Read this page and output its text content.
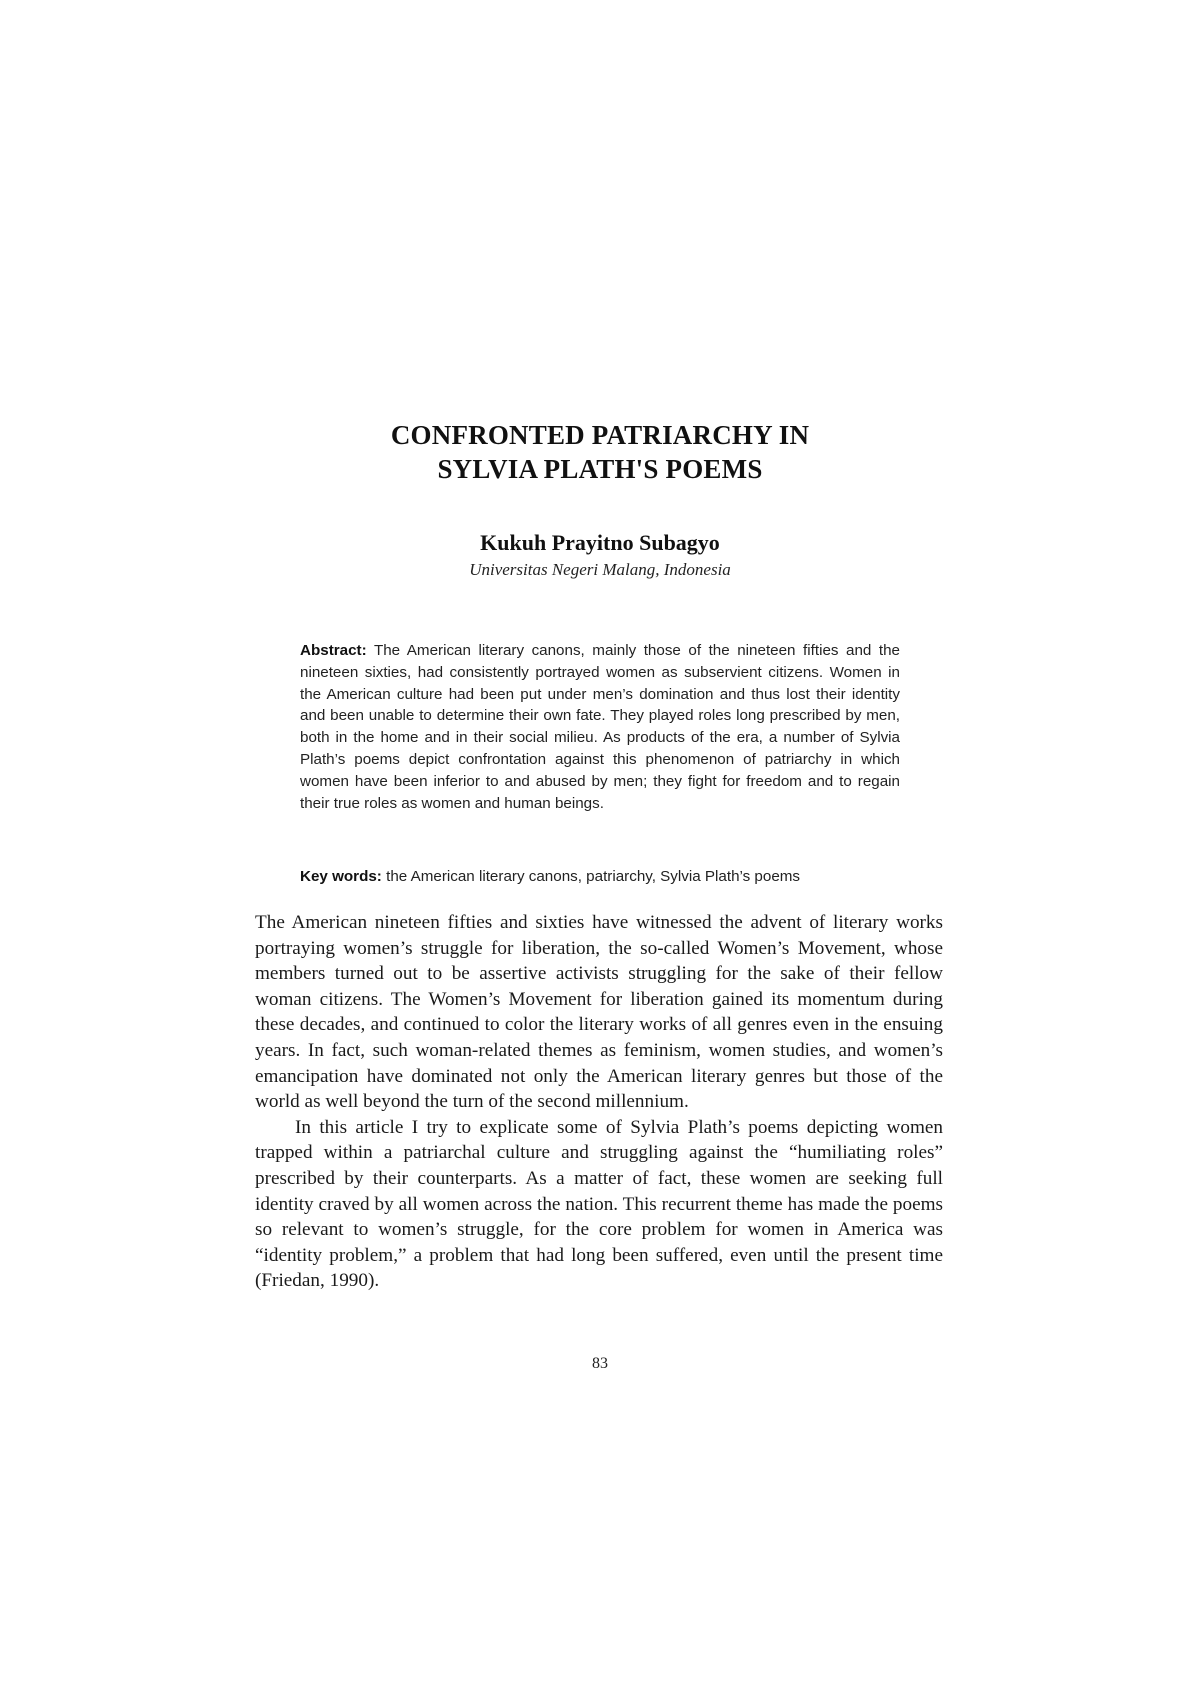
CONFRONTED PATRIARCHY IN
SYLVIA PLATH'S POEMS
Kukuh Prayitno Subagyo
Universitas Negeri Malang, Indonesia
Abstract: The American literary canons, mainly those of the nineteen fifties and the nineteen sixties, had consistently portrayed women as subservient citizens. Women in the American culture had been put under men’s domination and thus lost their identity and been unable to determine their own fate. They played roles long prescribed by men, both in the home and in their social milieu. As products of the era, a number of Sylvia Plath’s poems depict confrontation against this phenomenon of patriarchy in which women have been inferior to and abused by men; they fight for freedom and to regain their true roles as women and human beings.
Key words: the American literary canons, patriarchy, Sylvia Plath’s poems

The American nineteen fifties and sixties have witnessed the advent of literary works portraying women’s struggle for liberation, the so-called Women’s Movement, whose members turned out to be assertive activists struggling for the sake of their fellow woman citizens. The Women’s Movement for liberation gained its momentum during these decades, and continued to color the literary works of all genres even in the ensuing years. In fact, such woman-related themes as feminism, women studies, and women’s emancipation have dominated not only the American literary genres but those of the world as well beyond the turn of the second millennium.

In this article I try to explicate some of Sylvia Plath’s poems depicting women trapped within a patriarchal culture and struggling against the “humiliating roles” prescribed by their counterparts. As a matter of fact, these women are seeking full identity craved by all women across the nation. This recurrent theme has made the poems so relevant to women’s struggle, for the core problem for women in America was “identity problem,” a problem that had long been suffered, even until the present time (Friedan, 1990).

83
